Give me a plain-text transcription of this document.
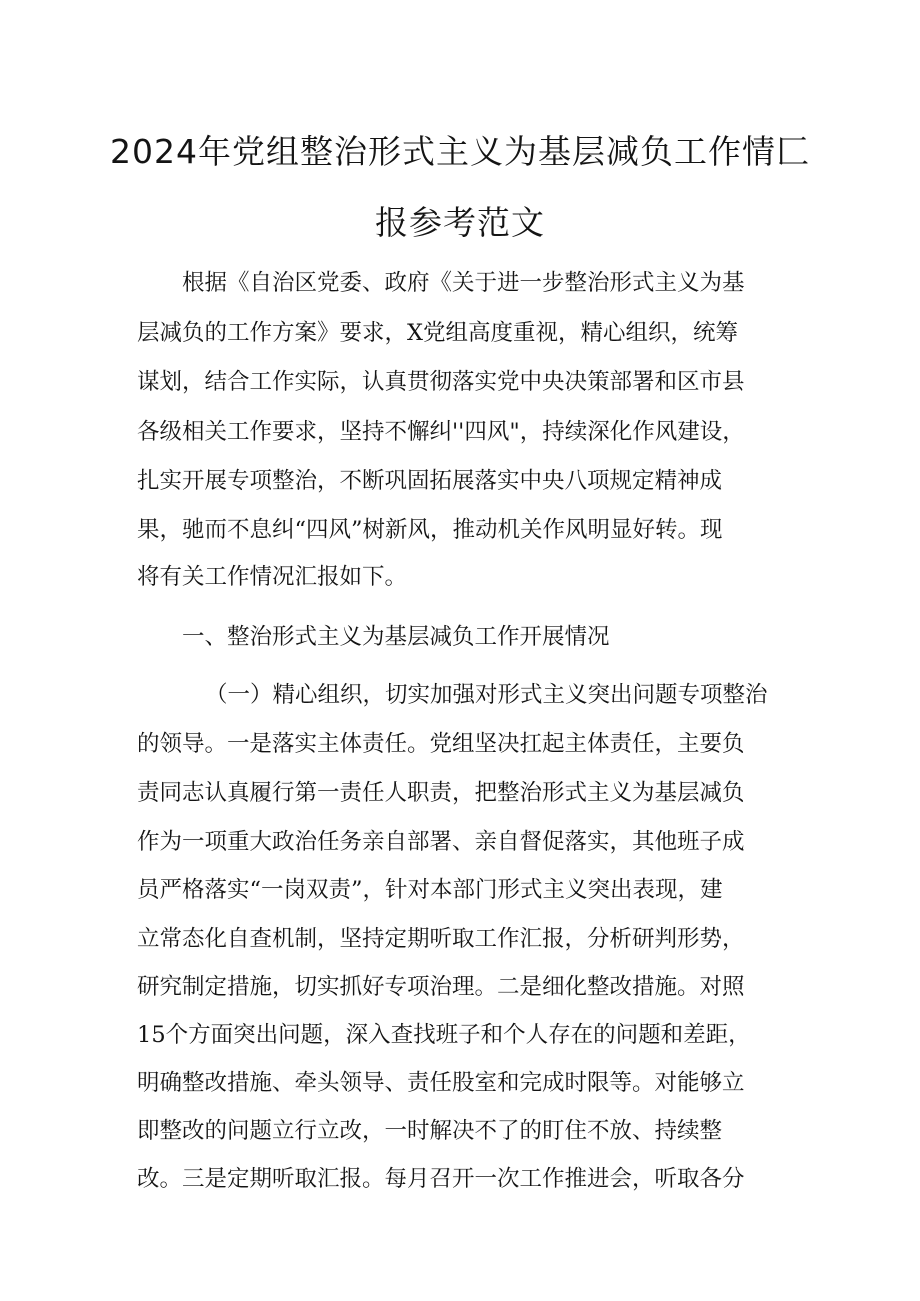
2024年党组整治形式主义为基层减负工作情匚
报参考范文

根据《自治区党委、政府《关于进一步整治形式主义为基

层减负的工作方案》要求，X党组高度重视，精心组织，统筹

谋划，结合工作实际，认真贯彻落实党中央决策部署和区市县

各级相关工作要求，坚持不懈纠''四风"，持续深化作风建设，

扎实开展专项整治，不断巩固拓展落实中央八项规定精神成

果，驰而不息纠“四风”树新风，推动机关作风明显好转。现

将有关工作情况汇报如下。

一、整治形式主义为基层减负工作开展情况

（一）精心组织，切实加强对形式主义突出问题专项整治

的领导。一是落实主体责任。党组坚决扛起主体责任，主要负

责同志认真履行第一责任人职责，把整治形式主义为基层减负

作为一项重大政治任务亲自部署、亲自督促落实，其他班子成

员严格落实“一岗双责”，针对本部门形式主义突出表现，建

立常态化自查机制，坚持定期听取工作汇报，分析研判形势，

研究制定措施，切实抓好专项治理。二是细化整改措施。对照

15个方面突出问题，深入查找班子和个人存在的问题和差距，

明确整改措施、牵头领导、责任股室和完成时限等。对能够立

即整改的问题立行立改，一时解决不了的盯住不放、持续整

改。三是定期听取汇报。每月召开一次工作推进会，听取各分
